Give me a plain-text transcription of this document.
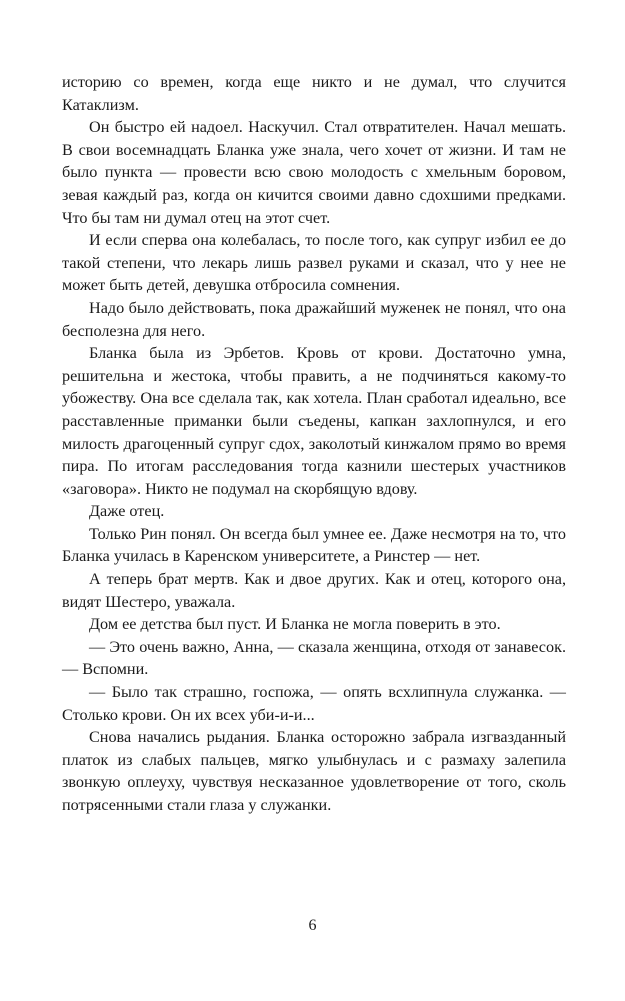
историю со времен, когда еще никто и не думал, что случится Катаклизм.

Он быстро ей надоел. Наскучил. Стал отвратителен. Начал мешать. В свои восемнадцать Бланка уже знала, чего хочет от жизни. И там не было пункта — провести всю свою молодость с хмельным боровом, зевая каждый раз, когда он кичится своими давно сдохшими предками. Что бы там ни думал отец на этот счет.

И если сперва она колебалась, то после того, как супруг избил ее до такой степени, что лекарь лишь развел руками и сказал, что у нее не может быть детей, девушка отбросила сомнения.

Надо было действовать, пока дражайший муженек не понял, что она бесполезна для него.

Бланка была из Эрбетов. Кровь от крови. Достаточно умна, решительна и жестока, чтобы править, а не подчиняться какому-то убожеству. Она все сделала так, как хотела. План сработал идеально, все расставленные приманки были съедены, капкан захлопнулся, и его милость драгоценный супруг сдох, заколотый кинжалом прямо во время пира. По итогам расследования тогда казнили шестерых участников «заговора». Никто не подумал на скорбящую вдову.

Даже отец.

Только Рин понял. Он всегда был умнее ее. Даже несмотря на то, что Бланка училась в Каренском университете, а Ринстер — нет.

А теперь брат мертв. Как и двое других. Как и отец, которого она, видят Шестеро, уважала.

Дом ее детства был пуст. И Бланка не могла поверить в это.

— Это очень важно, Анна, — сказала женщина, отходя от занавесок. — Вспомни.

— Было так страшно, госпожа, — опять всхлипнула служанка. — Столько крови. Он их всех уби-и-и...

Снова начались рыдания. Бланка осторожно забрала изгвазданный платок из слабых пальцев, мягко улыбнулась и с размаху залепила звонкую оплеуху, чувствуя несказанное удовлетворение от того, сколь потрясенными стали глаза у служанки.

6
